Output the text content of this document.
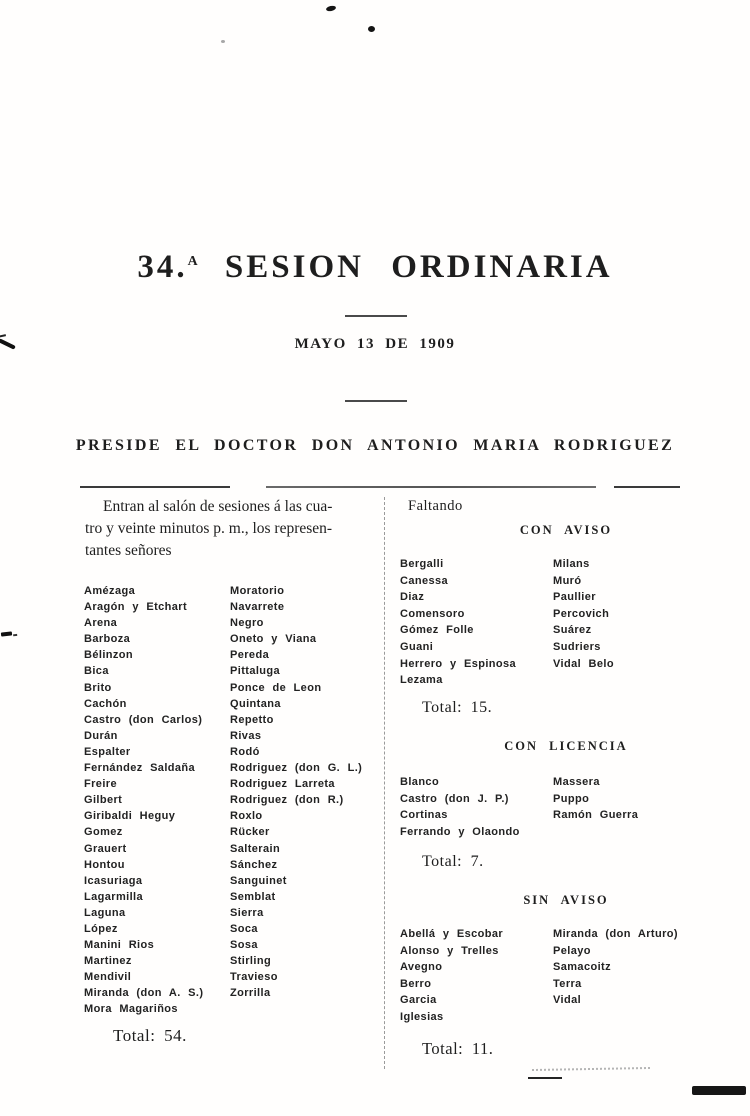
34.$^A$ SESION ORDINARIA
MAYO 13 DE 1909
PRESIDE EL DOCTOR DON ANTONIO MARIA RODRIGUEZ
Entran al salón de sesiones á las cua-
tro y veinte minutos p. m., los represen-
tantes señores
Amézaga
Aragón y Etchart
Arena
Barboza
Bélinzon
Bica
Brito
Cachón
Castro (don Carlos)
Durán
Espalter
Fernández Saldaña
Freire
Gilbert
Giribaldi Heguy
Gomez
Grauert
Hontou
Icasuriaga
Lagarmilla
Laguna
López
Manini Rios
Martinez
Mendivil
Miranda (don A. S.)
Mora Magariños
Moratorio
Navarrete
Negro
Oneto y Viana
Pereda
Pittaluga
Ponce de Leon
Quintana
Repetto
Rivas
Rodó
Rodriguez (don G. L.)
Rodriguez Larreta
Rodriguez (don R.)
Roxlo
Rücker
Salterain
Sánchez
Sanguinet
Semblat
Sierra
Soca
Sosa
Stirling
Travieso
Zorrilla
Total: 54.
Faltando
CON AVISO
Bergalli
Canessa
Diaz
Comensoro
Gómez Folle
Guani
Herrero y Espinosa
Lezama
Milans
Muró
Paullier
Percovich
Suárez
Sudriers
Vidal Belo
Total: 15.
CON LICENCIA
Blanco
Castro (don J. P.)
Cortinas
Ferrando y Olaondo
Massera
Puppo
Ramón Guerra
Total: 7.
SIN AVISO
Abellá y Escobar
Alonso y Trelles
Avegno
Berro
Garcia
Iglesias
Miranda (don Arturo)
Pelayo
Samacoitz
Terra
Vidal
Total: 11.
